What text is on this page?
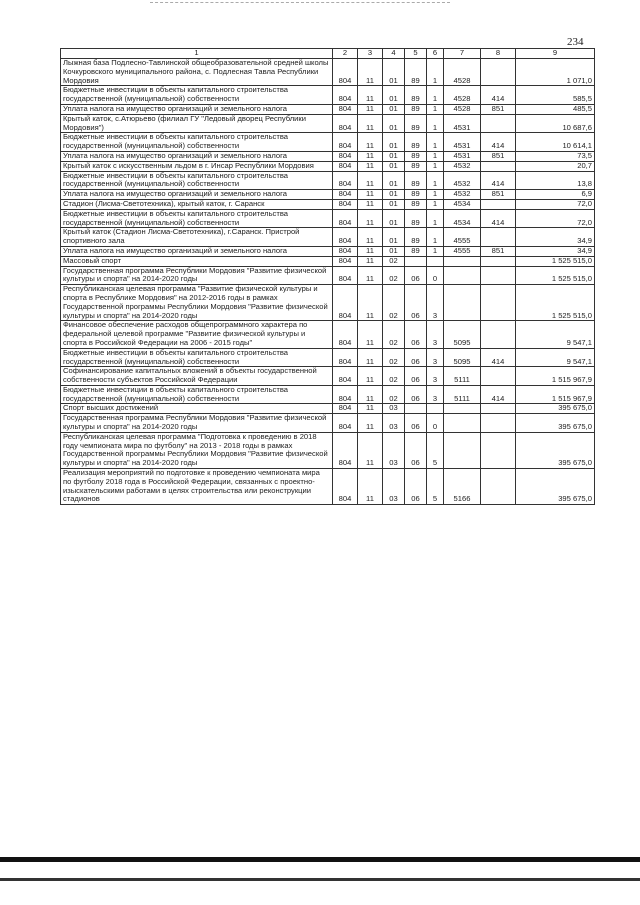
234
1	2	3	4	5	6	7	8	9
Лыжная база Подлесно-Тавлинской общеобразовательной средней школы Кочкуровского муниципального района, с. Подлесная Тавла Республики Мордовия	804	11	01	89	1	4528		1 071,0
Бюджетные инвестиции в объекты капитального строительства государственной (муниципальной) собственности	804	11	01	89	1	4528	414	585,5
Уплата налога на имущество организаций и земельного налога	804	11	01	89	1	4528	851	485,5
Крытый каток, с.Атюрьево (филиал ГУ "Ледовый дворец Республики Мордовия")	804	11	01	89	1	4531		10 687,6
Бюджетные инвестиции в объекты капитального строительства государственной (муниципальной) собственности	804	11	01	89	1	4531	414	10 614,1
Уплата налога на имущество организаций и земельного налога	804	11	01	89	1	4531	851	73,5
Крытый каток с искусственным льдом в г. Инсар Республики Мордовия	804	11	01	89	1	4532		20,7
Бюджетные инвестиции в объекты капитального строительства государственной (муниципальной) собственности	804	11	01	89	1	4532	414	13,8
Уплата налога на имущество организаций и земельного налога	804	11	01	89	1	4532	851	6,9
Стадион (Лисма-Светотехника), крытый каток, г. Саранск	804	11	01	89	1	4534		72,0
Бюджетные инвестиции в объекты капитального строительства государственной (муниципальной) собственности	804	11	01	89	1	4534	414	72,0
Крытый каток (Стадион Лисма-Светотехника), г.Саранск. Пристрой спортивного зала	804	11	01	89	1	4555		34,9
Уплата налога на имущество организаций и земельного налога	804	11	01	89	1	4555	851	34,9
Массовый спорт	804	11	02					1 525 515,0
Государственная программа Республики Мордовия "Развитие физической культуры и спорта" на 2014-2020 годы	804	11	02	06	0			1 525 515,0
Республиканская целевая программа "Развитие физической культуры и спорта в Республике Мордовия" на 2012-2016 годы в рамках Государственной программы Республики Мордовия "Развитие физической культуры и спорта" на 2014-2020 годы	804	11	02	06	3			1 525 515,0
Финансовое обеспечение расходов общепрограммного характера по федеральной целевой программе "Развитие физической культуры и спорта в Российской Федерации на 2006 - 2015 годы"	804	11	02	06	3	5095		9 547,1
Бюджетные инвестиции в объекты капитального строительства государственной (муниципальной) собственности	804	11	02	06	3	5095	414	9 547,1
Софинансирование капитальных вложений в объекты государственной собственности субъектов Российской Федерации	804	11	02	06	3	5111		1 515 967,9
Бюджетные инвестиции в объекты капитального строительства государственной (муниципальной) собственности	804	11	02	06	3	5111	414	1 515 967,9
Спорт высших достижений	804	11	03					395 675,0
Государственная программа Республики Мордовия "Развитие физической культуры и спорта" на 2014-2020 годы	804	11	03	06	0			395 675,0
Республиканская целевая программа "Подготовка к проведению в 2018 году чемпионата мира по футболу" на 2013 - 2018 годы в рамках Государственной программы Республики Мордовия "Развитие физической культуры и спорта" на 2014-2020 годы	804	11	03	06	5			395 675,0
Реализация мероприятий по подготовке к проведению чемпионата мира по футболу 2018 года в Российской Федерации, связанных с проектно-изыскательскими работами в целях строительства или реконструкции стадионов	804	11	03	06	5	5166		395 675,0
